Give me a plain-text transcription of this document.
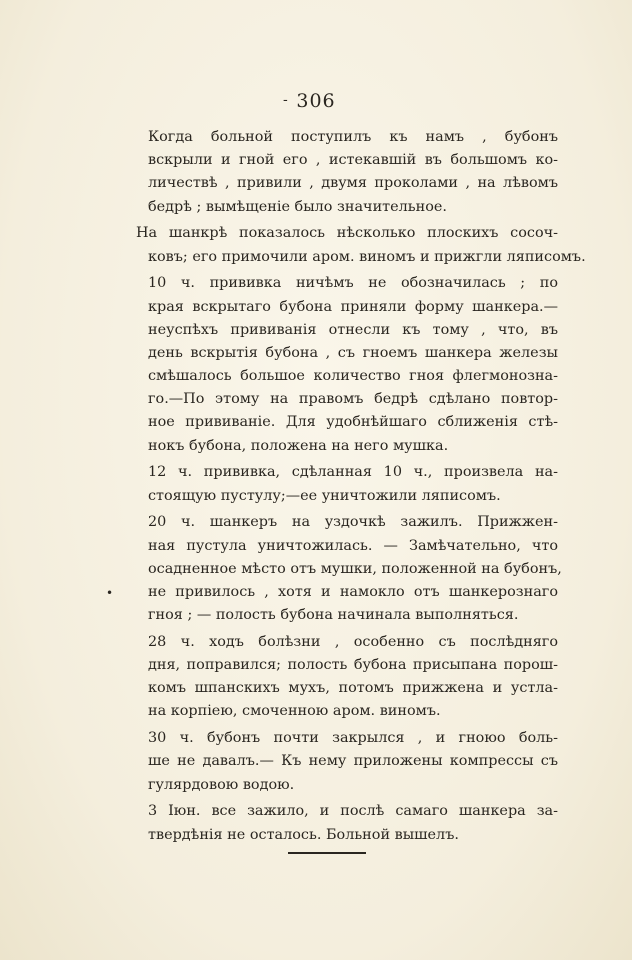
- 306
Когда больной поступилъ къ намъ , бубонъ
вскрыли и гной его , истекавшій въ большомъ ко-
личествѣ , привили , двумя проколами , на лѣвомъ
бедрѣ ; вымѣщеніе было значительное.
На шанкрѣ показалось нѣсколько плоскихъ сосоч-
ковъ; его примочили аром. виномъ и прижгли ляписомъ.
10 ч. прививка ничѣмъ не обозначилась ; по
края вскрытаго бубона приняли форму шанкера.—
неуспѣхъ прививанія отнесли къ тому , что, въ
день вскрытія бубона , съ гноемъ шанкера железы
смѣшалось большое количество гноя флегмонозна-
го.—По этому на правомъ бедрѣ сдѣлано повтор-
ное прививаніе. Для удобнѣйшаго сближенія стѣ-
нокъ бубона, положена на него мушка.
12 ч. прививка, сдѣланная 10 ч., произвела на-
стоящую пустулу;—ее уничтожили ляписомъ.
20 ч. шанкеръ на уздочкѣ зажилъ. Прижжен-
ная пустула уничтожилась. — Замѣчательно, что
осадненное мѣсто отъ мушки, положенной на бубонъ,
не привилось , хотя и намокло отъ шанкерознаго
гноя ; — полость бубона начинала выполняться.
28 ч. ходъ болѣзни , особенно съ послѣдняго
дня, поправился; полость бубона присыпана порош-
комъ шпанскихъ мухъ, потомъ прижжена и устла-
на корпіею, смоченною аром. виномъ.
30 ч. бубонъ почти закрылся , и гноюо боль-
ше не давалъ.— Къ нему приложены компрессы съ
гулярдовою водою.
3 Іюн. все зажило, и послѣ самаго шанкера за-
твердѣнія не осталось. Больной вышелъ.
•
